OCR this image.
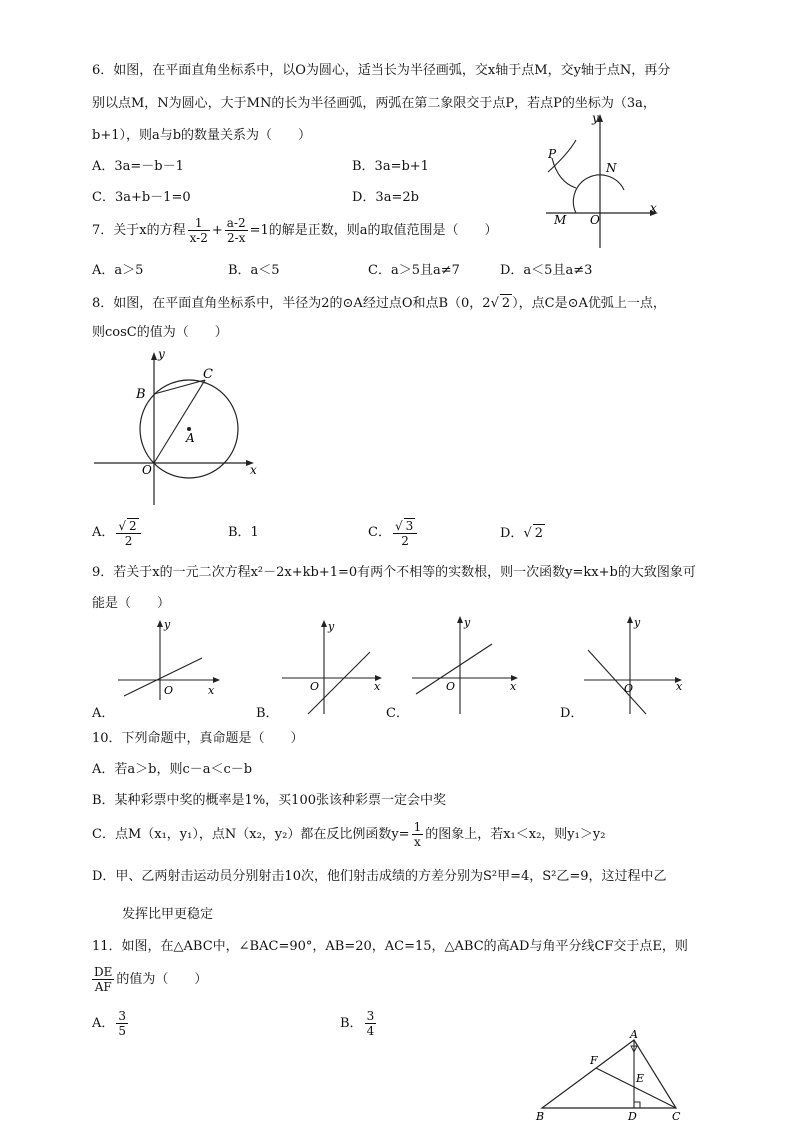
6．如图，在平面直角坐标系中，以O为圆心，适当长为半径画弧，交x轴于点M，交y轴于点N，再分
别以点M，N为圆心，大于MN的长为半径画弧，两弧在第二象限交于点P，若点P的坐标为（3a，
b+1），则a与b的数量关系为（　　）
A．3a=－b－1	B．3a=b+1
C．3a+b－1=0	D．3a=2b
y
x
P
N
M O
7．关于x的方程 $\frac{1}{x-2} + \frac{a-2}{2-x} =1$的解是正数，则a的取值范围是（　　）
A．a＞5	B．a＜5	C．a＞5且a≠7	D．a＜5且a≠3
8．如图，在平面直角坐标系中，半径为2的⊙A经过点O和点B（0，2√ 2 ），点C是⊙A优弧上一点，
则cosC的值为（　　）
y
x
B
C
A
O
A． $\frac{√ 2}{2}$	B．1	C． $\frac{√ 3}{2}$	D．√ 2
9．若关于x的一元二次方程x²－2x+kb+1=0有两个不相等的实数根，则一次函数y=kx+b的大致图象可
能是（　　）
y
x
O
y
x
O
y
x
O
y
x
O
A．	B．	C．	D．
10．下列命题中，真命题是（　　）
A．若a＞b，则c－a＜c－b
B．某种彩票中奖的概率是1%，买100张该种彩票一定会中奖
C．点M（x₁，y₁），点N（x₂，y₂）都在反比例函数$y= \frac{1}{x}$ 的图象上，若x₁＜x₂，则y₁＞y₂
D．甲、乙两射击运动员分别射击10次，他们射击成绩的方差分别为S²甲=4，S²乙=9，这过程中乙
发挥比甲更稳定
11．如图，在△ABC中，∠BAC=90°，AB=20，AC=15，△ABC的高AD与角平分线CF交于点E，则
$\frac{DE}{AF}$ 的值为（　　）
A． $\frac{3}{5}$	B． $\frac{3}{4}$	A
F
E
B	D	C
